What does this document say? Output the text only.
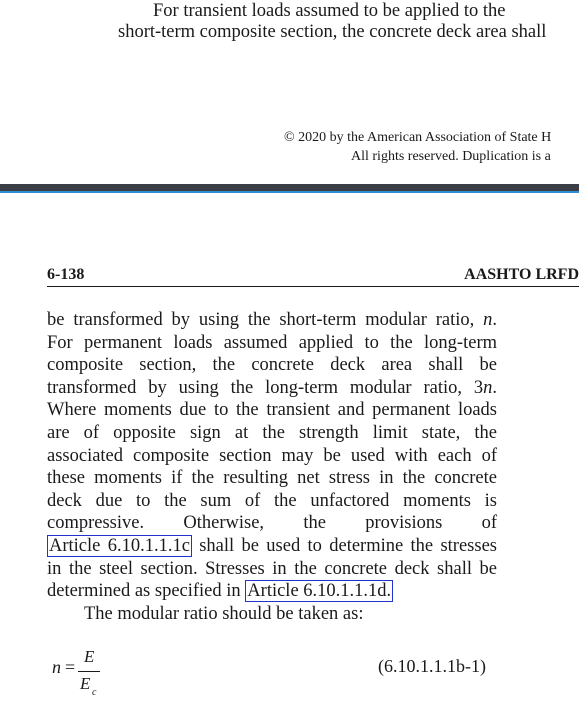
For transient loads assumed to be applied to the
short-term composite section, the concrete deck area shall
© 2020 by the American Association of State H
All rights reserved. Duplication is a
6-138	AASHTO LRFD
be transformed by using the short-term modular ratio, n.
For permanent loads assumed applied to the long-term
composite section, the concrete deck area shall be
transformed by using the long-term modular ratio, 3n.
Where moments due to the transient and permanent loads
are of opposite sign at the strength limit state, the
associated composite section may be used with each of
these moments if the resulting net stress in the concrete
deck due to the sum of the unfactored moments is
compressive. Otherwise, the provisions of
Article 6.10.1.1.1c shall be used to determine the stresses
in the steel section. Stresses in the concrete deck shall be
determined as specified in Article 6.10.1.1.1d.
The modular ratio should be taken as:
n =
E
E c
(6.10.1.1.1b-1)
